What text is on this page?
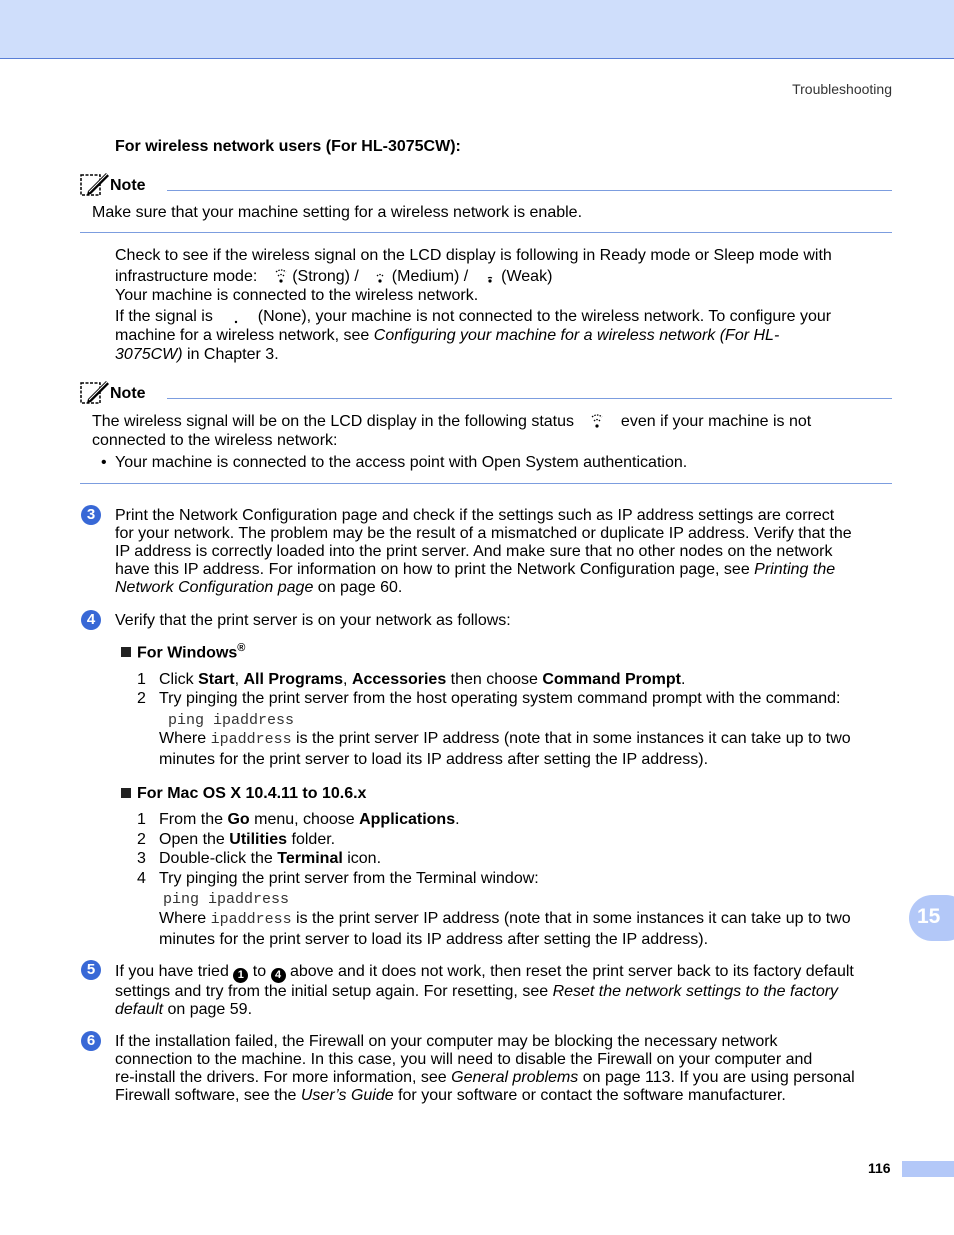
Troubleshooting
For wireless network users (For HL-3075CW):
Note
Make sure that your machine setting for a wireless network is enable.
Check to see if the wireless signal on the LCD display is following in Ready mode or Sleep mode with
infrastructure mode: (Strong) / (Medium) / (Weak)
Your machine is connected to the wireless network.
If the signal is	(None), your machine is not connected to the wireless network. To configure your
machine for a wireless network, see Configuring your machine for a wireless network (For HL-
3075CW) in Chapter 3.
Note
The wireless signal will be on the LCD display in the following status	even if your machine is not
connected to the wireless network:
• Your machine is connected to the access point with Open System authentication.
3	Print the Network Configuration page and check if the settings such as IP address settings are correct
for your network. The problem may be the result of a mismatched or duplicate IP address. Verify that the
IP address is correctly loaded into the print server. And make sure that no other nodes on the network
have this IP address. For information on how to print the Network Configuration page, see Printing the
Network Configuration page on page 60.
4	Verify that the print server is on your network as follows:
For Windows®
1 Click Start, All Programs, Accessories then choose Command Prompt.
2 Try pinging the print server from the host operating system command prompt with the command:
ping ipaddress
Where ipaddress is the print server IP address (note that in some instances it can take up to two
minutes for the print server to load its IP address after setting the IP address).
For Mac OS X 10.4.11 to 10.6.x
1 From the Go menu, choose Applications.
2 Open the Utilities folder.
3 Double-click the Terminal icon.
4 Try pinging the print server from the Terminal window:
ping ipaddress
Where ipaddress is the print server IP address (note that in some instances it can take up to two
minutes for the print server to load its IP address after setting the IP address).
5	If you have tried 1 to 4 above and it does not work, then reset the print server back to its factory default
settings and try from the initial setup again. For resetting, see Reset the network settings to the factory
default on page 59.
6	If the installation failed, the Firewall on your computer may be blocking the necessary network
connection to the machine. In this case, you will need to disable the Firewall on your computer and
re-install the drivers. For more information, see General problems on page 113. If you are using personal
Firewall software, see the User’s Guide for your software or contact the software manufacturer.
15
116
